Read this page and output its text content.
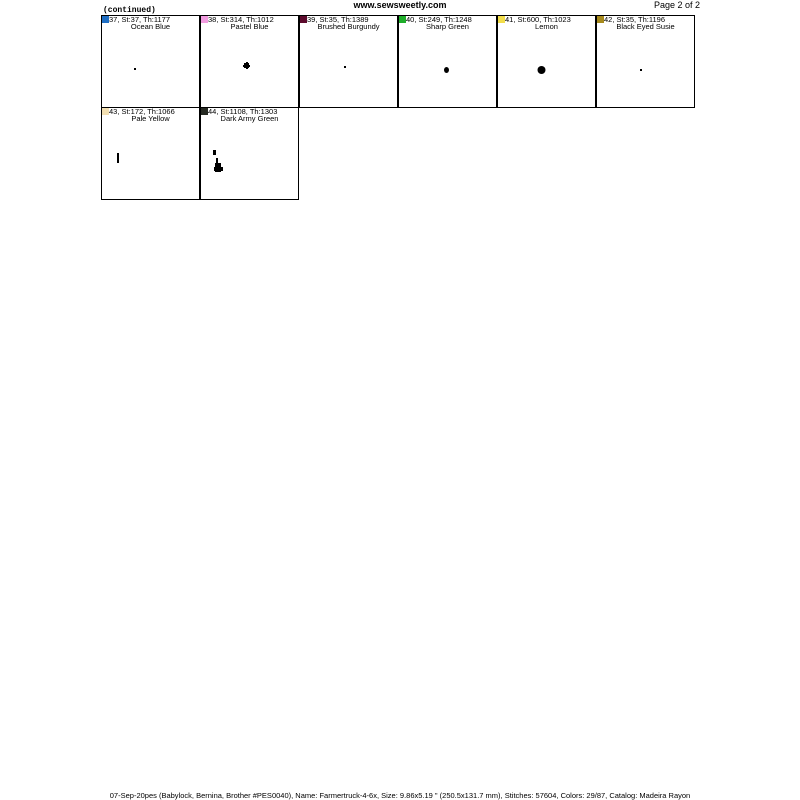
(continued)
www.sewsweetly.com	Page 2 of 2
37, St:37, Th:1177
Ocean Blue
38, St:314, Th:1012
Pastel Blue
39, St:35, Th:1389
Brushed Burgundy
40, St:249, Th:1248
Sharp Green
41, St:600, Th:1023
Lemon
42, St:35, Th:1196
Black Eyed Susie
43, St:172, Th:1066
Pale Yellow
44, St:1108, Th:1303
Dark Army Green
07-Sep-20pes (Babylock, Bernina, Brother #PES0040), Name: Farmertruck-4-6x, Size: 9.86x5.19 " (250.5x131.7 mm), Stitches: 57604, Colors: 29/87, Catalog: Madeira Rayon
